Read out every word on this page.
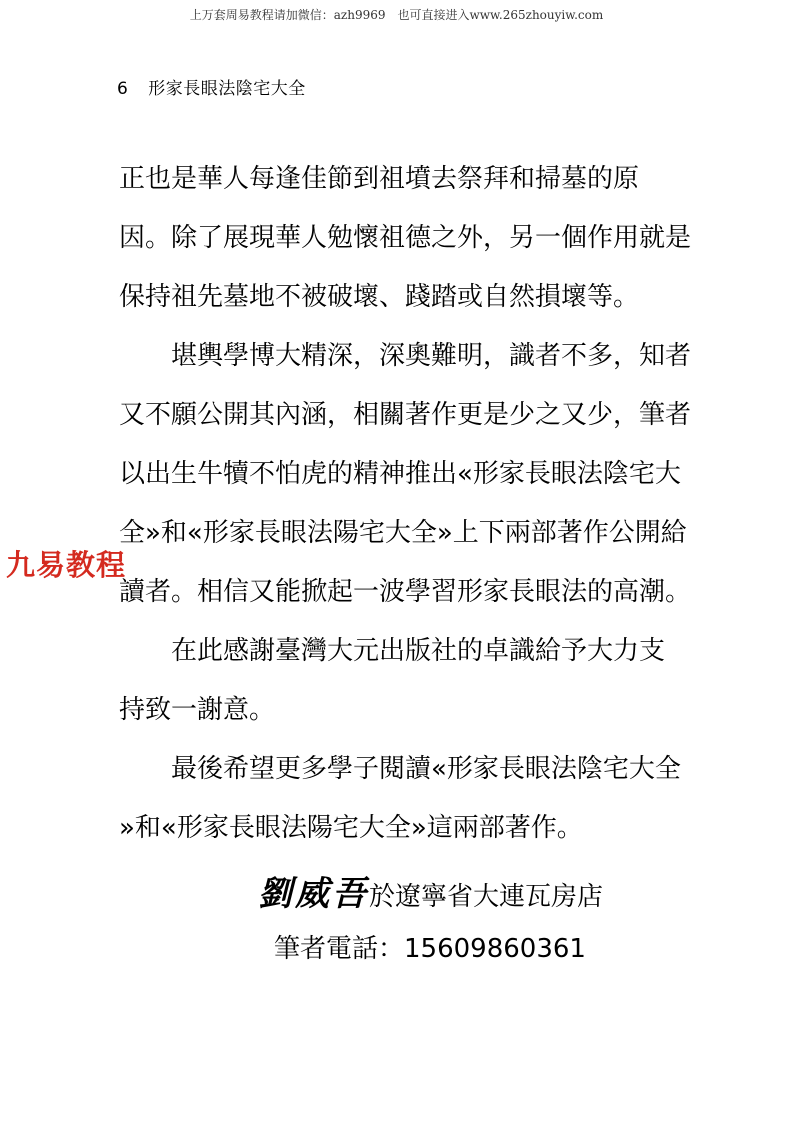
上万套周易教程请加微信：azh9969　也可直接进入www.265zhouyiw.com
6 形家長眼法陰宅大全
正也是華人每逢佳節到祖墳去祭拜和掃墓的原
因。除了展現華人勉懷祖德之外，另一個作用就是
保持祖先墓地不被破壞、踐踏或自然損壞等。
堪輿學博大精深，深奧難明，識者不多，知者
又不願公開其內涵，相關著作更是少之又少，筆者
以出生牛犢不怕虎的精神推出«形家長眼法陰宅大
全»和«形家長眼法陽宅大全»上下兩部著作公開給
讀者。相信又能掀起一波學習形家長眼法的高潮。
在此感謝臺灣大元出版社的卓識給予大力支
持致一謝意。
最後希望更多學子閱讀«形家長眼法陰宅大全
»和«形家長眼法陽宅大全»這兩部著作。
九易教程
劉威吾於遼寧省大連瓦房店
筆者電話：15609860361
